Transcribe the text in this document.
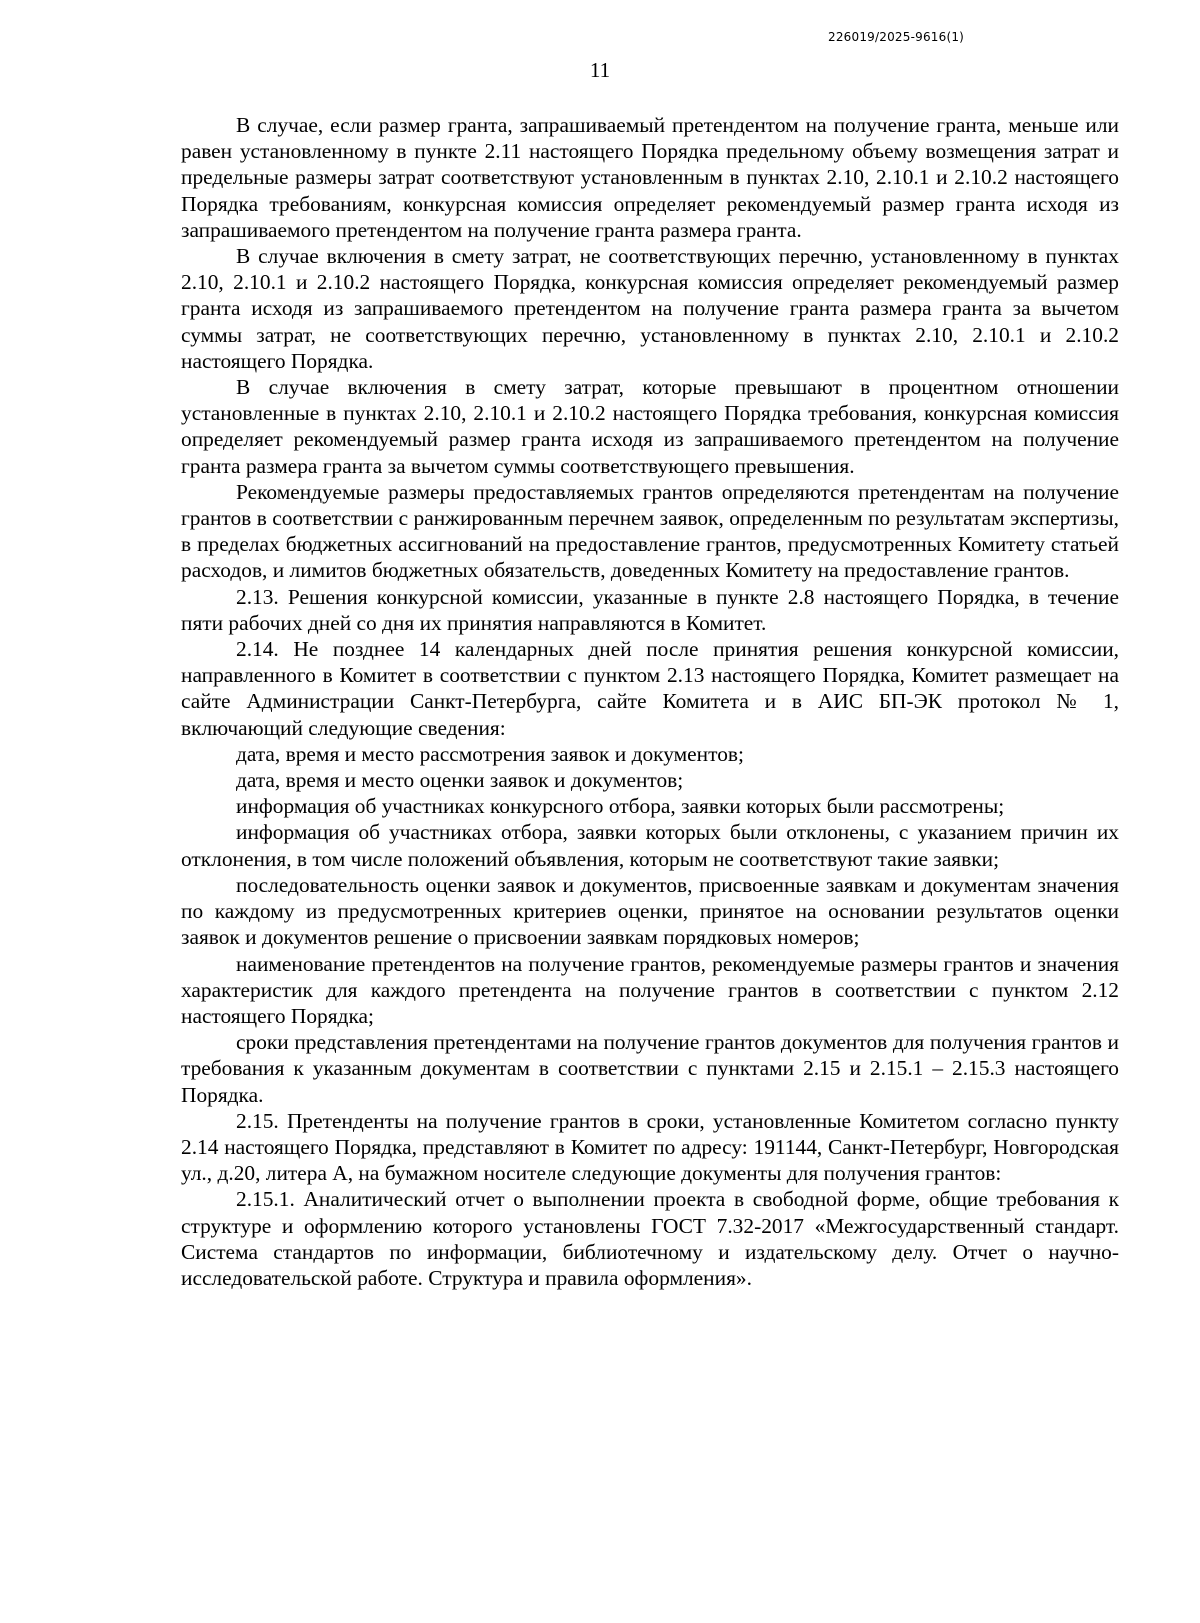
226019/2025-9616(1)
11

В случае, если размер гранта, запрашиваемый претендентом на получение гранта, меньше или равен установленному в пункте 2.11 настоящего Порядка предельному объему возмещения затрат и предельные размеры затрат соответствуют установленным в пунктах 2.10, 2.10.1 и 2.10.2 настоящего Порядка требованиям, конкурсная комиссия определяет рекомендуемый размер гранта исходя из запрашиваемого претендентом на получение гранта размера гранта.

В случае включения в смету затрат, не соответствующих перечню, установленному в пунктах 2.10, 2.10.1 и 2.10.2 настоящего Порядка, конкурсная комиссия определяет рекомендуемый размер гранта исходя из запрашиваемого претендентом на получение гранта размера гранта за вычетом суммы затрат, не соответствующих перечню, установленному в пунктах 2.10, 2.10.1 и 2.10.2 настоящего Порядка.

В случае включения в смету затрат, которые превышают в процентном отношении установленные в пунктах 2.10, 2.10.1 и 2.10.2 настоящего Порядка требования, конкурсная комиссия определяет рекомендуемый размер гранта исходя из запрашиваемого претендентом на получение гранта размера гранта за вычетом суммы соответствующего превышения.

Рекомендуемые размеры предоставляемых грантов определяются претендентам на получение грантов в соответствии с ранжированным перечнем заявок, определенным по результатам экспертизы, в пределах бюджетных ассигнований на предоставление грантов, предусмотренных Комитету статьей расходов, и лимитов бюджетных обязательств, доведенных Комитету на предоставление грантов.

2.13. Решения конкурсной комиссии, указанные в пункте 2.8 настоящего Порядка, в течение пяти рабочих дней со дня их принятия направляются в Комитет.

2.14. Не позднее 14 календарных дней после принятия решения конкурсной комиссии, направленного в Комитет в соответствии с пунктом 2.13 настоящего Порядка, Комитет размещает на сайте Администрации Санкт-Петербурга, сайте Комитета и в АИС БП-ЭК протокол № 1, включающий следующие сведения:

дата, время и место рассмотрения заявок и документов;

дата, время и место оценки заявок и документов;

информация об участниках конкурсного отбора, заявки которых были рассмотрены;

информация об участниках отбора, заявки которых были отклонены, с указанием причин их отклонения, в том числе положений объявления, которым не соответствуют такие заявки;

последовательность оценки заявок и документов, присвоенные заявкам и документам значения по каждому из предусмотренных критериев оценки, принятое на основании результатов оценки заявок и документов решение о присвоении заявкам порядковых номеров;

наименование претендентов на получение грантов, рекомендуемые размеры грантов и значения характеристик для каждого претендента на получение грантов в соответствии с пунктом 2.12 настоящего Порядка;

сроки представления претендентами на получение грантов документов для получения грантов и требования к указанным документам в соответствии с пунктами 2.15 и 2.15.1 – 2.15.3 настоящего Порядка.

2.15. Претенденты на получение грантов в сроки, установленные Комитетом согласно пункту 2.14 настоящего Порядка, представляют в Комитет по адресу: 191144, Санкт-Петербург, Новгородская ул., д.20, литера А, на бумажном носителе следующие документы для получения грантов:

2.15.1. Аналитический отчет о выполнении проекта в свободной форме, общие требования к структуре и оформлению которого установлены ГОСТ 7.32-2017 «Межгосударственный стандарт. Система стандартов по информации, библиотечному и издательскому делу. Отчет о научно-исследовательской работе. Структура и правила оформления».
